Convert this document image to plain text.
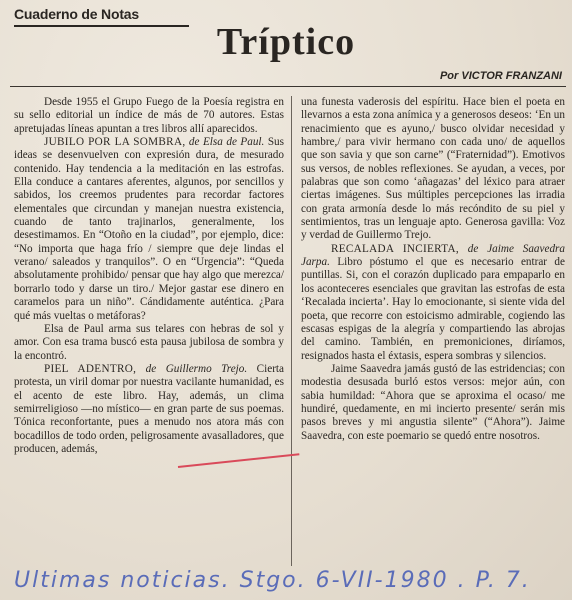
Cuaderno de Notas
Tríptico
Por VICTOR FRANZANI

Desde 1955 el Grupo Fuego de la Poesía registra en su sello editorial un índice de más de 70 autores. Estas apretujadas líneas apuntan a tres libros allí aparecidos.

JUBILO POR LA SOMBRA, de Elsa de Paul. Sus ideas se desenvuelven con expresión dura, de mesurado contenido. Hay tendencia a la meditación en las estrofas. Ella conduce a cantares aferentes, algunos, por sencillos y sabidos, los creemos prudentes para recordar factores elementales que circundan y manejan nuestra existencia, cuando de tanto trajinarlos, generalmente, los desestimamos. En “Otoño en la ciudad”, por ejemplo, dice: “No importa que haga frío / siempre que deje lindas el verano/ saleados y tranquilos”. O en “Urgencia”: “Queda absolutamente prohibido/ pensar que hay algo que merezca/ borrarlo todo y darse un tiro./ Mejor gastar ese dinero en caramelos para un niño”. Cándidamente auténtica. ¿Para qué más vueltas o metáforas?

Elsa de Paul arma sus telares con hebras de sol y amor. Con esa trama buscó esta pausa jubilosa de sombra y la encontró.

PIEL ADENTRO, de Guillermo Trejo. Cierta protesta, un viril domar por nuestra vacilante humanidad, es el acento de este libro. Hay, además, un clima semirreligioso —no místico— en gran parte de sus poemas. Tónica reconfortante, pues a menudo nos atora más con bocadillos de todo orden, peligrosamente avasalladores, que producen, además,

una funesta vaderosis del espíritu. Hace bien el poeta en llevarnos a esta zona anímica y a generosos deseos: ‘En un renacimiento que es ayuno,/ busco olvidar necesidad y hambre,/ para vivir hermano con cada uno/ de aquellos que son savia y que son carne” (“Fraternidad”). Emotivos sus versos, de nobles reflexiones. Se ayudan, a veces, por palabras que son como ‘añagazas’ del léxico para atraer ciertas imágenes. Sus múltiples percepciones las irradia con grata armonía desde lo más recóndito de su piel y sentimientos, tras un lenguaje apto. Generosa gavilla: Voz y verdad de Guillermo Trejo.

RECALADA INCIERTA, de Jaime Saavedra Jarpa. Libro póstumo el que es necesario entrar de puntillas. Si, con el corazón duplicado para empaparlo en los aconteceres esenciales que gravitan las estrofas de esta ‘Recalada incierta’. Hay lo emocionante, si siente vida del poeta, que recorre con estoicismo admirable, cogiendo las escasas espigas de la alegría y compartiendo las abrojas del camino. También, en premoniciones, diríamos, resignados hasta el éxtasis, espera sombras y silencios.

Jaime Saavedra jamás gustó de las estridencias; con modestia desusada burló estos versos: mejor aún, con sabia humildad: “Ahora que se aproxima el ocaso/ me hundiré, quedamente, en mi incierto presente/ serán mis pasos breves y mi angustia silente” (“Ahora”). Jaime Saavedra, con este poemario se quedó entre nosotros.

Ultimas noticias. Stgo. 6-VII-1980 . P. 7.
